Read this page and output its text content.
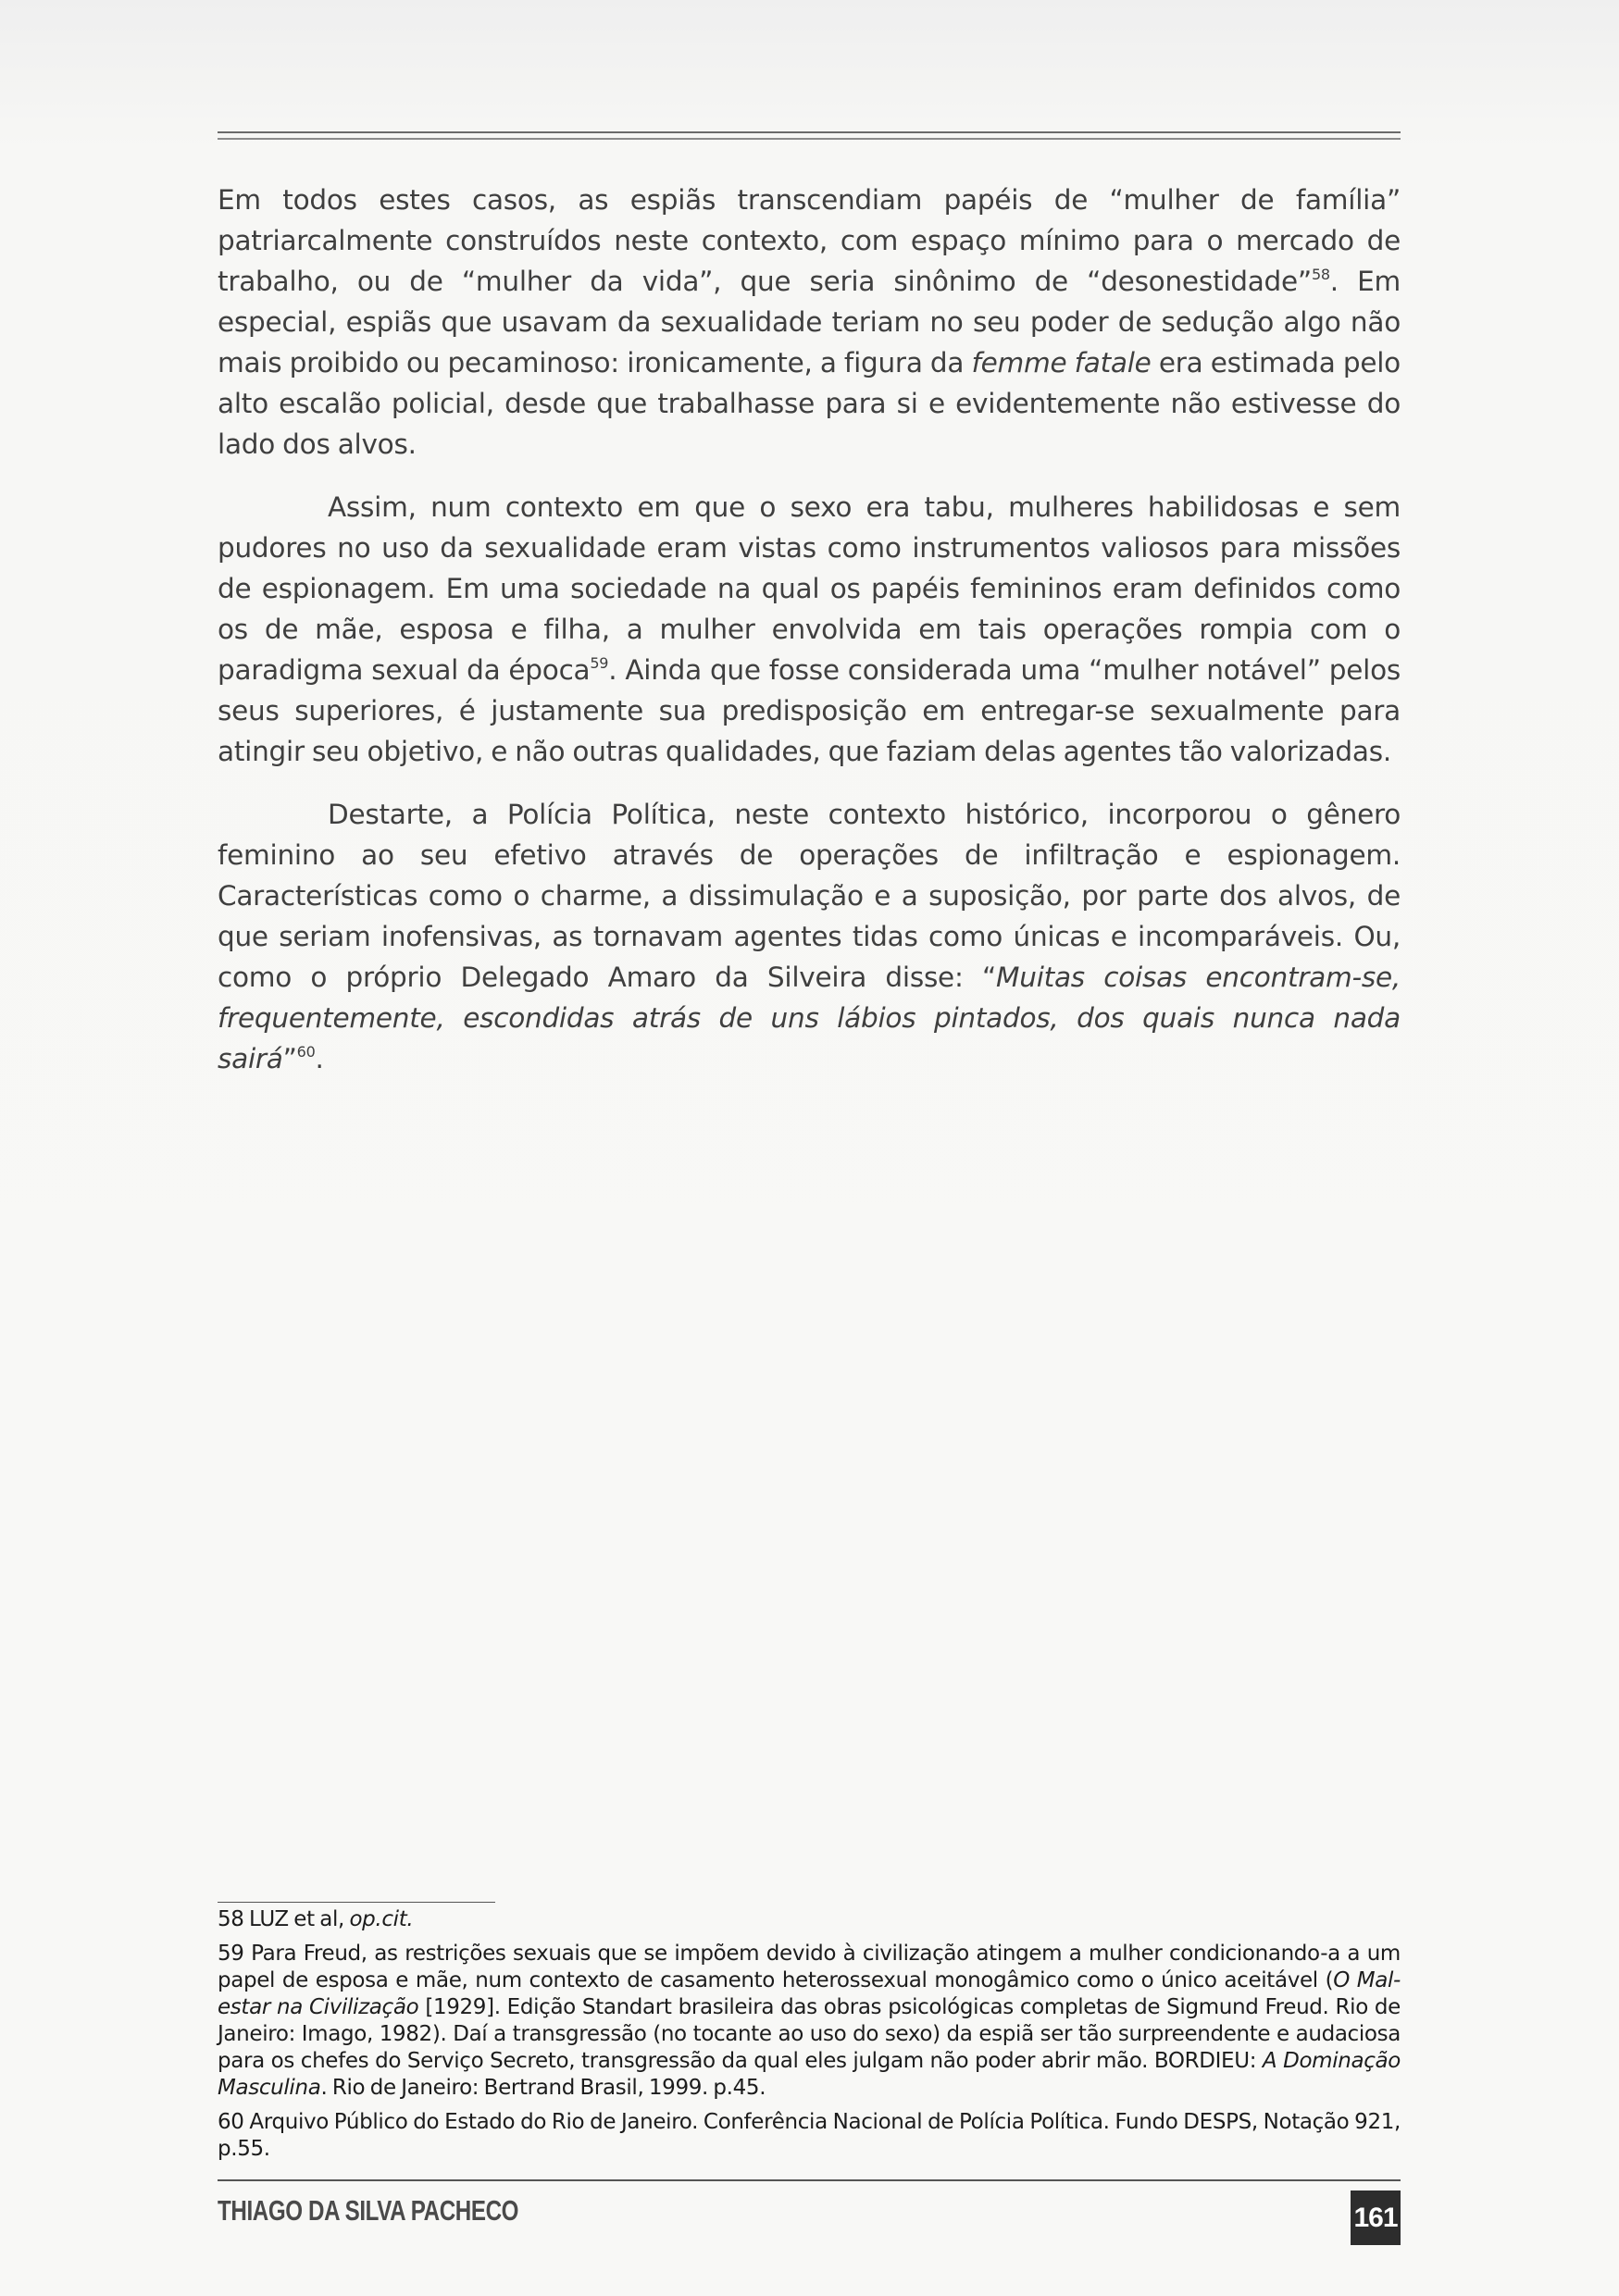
Em todos estes casos, as espiãs transcendiam papéis de “mulher de família” patriarcalmente construídos neste contexto, com espaço mínimo para o mercado de trabalho, ou de “mulher da vida”, que seria sinônimo de “desonestidade”$^{58}$. Em especial, espiãs que usavam da sexualidade teriam no seu poder de sedução algo não mais proibido ou pecaminoso: ironicamente, a figura da femme fatale era estimada pelo alto escalão policial, desde que trabalhasse para si e evidentemente não estivesse do lado dos alvos.

Assim, num contexto em que o sexo era tabu, mulheres habilidosas e sem pudores no uso da sexualidade eram vistas como instrumentos valiosos para missões de espionagem. Em uma sociedade na qual os papéis femininos eram definidos como os de mãe, esposa e filha, a mulher envolvida em tais operações rompia com o paradigma sexual da época$^{59}$. Ainda que fosse considerada uma “mulher notável” pelos seus superiores, é justamente sua predisposição em entregar-se sexualmente para atingir seu objetivo, e não outras qualidades, que faziam delas agentes tão valorizadas.

Destarte, a Polícia Política, neste contexto histórico, incorporou o gênero feminino ao seu efetivo através de operações de infiltração e espionagem. Características como o charme, a dissimulação e a suposição, por parte dos alvos, de que seriam inofensivas, as tornavam agentes tidas como únicas e incomparáveis. Ou, como o próprio Delegado Amaro da Silveira disse: “Muitas coisas encontram-se, frequentemente, escondidas atrás de uns lábios pintados, dos quais nunca nada sairá”$^{60}$.

58 LUZ et al, op.cit.

59 Para Freud, as restrições sexuais que se impõem devido à civilização atingem a mulher condicionando-a a um papel de esposa e mãe, num contexto de casamento heterossexual monogâmico como o único aceitável (O Mal-estar na Civilização [1929]. Edição Standart brasileira das obras psicológicas completas de Sigmund Freud. Rio de Janeiro: Imago, 1982). Daí a transgressão (no tocante ao uso do sexo) da espiã ser tão surpreendente e audaciosa para os chefes do Serviço Secreto, transgressão da qual eles julgam não poder abrir mão. BORDIEU: A Dominação Masculina. Rio de Janeiro: Bertrand Brasil, 1999. p.45.

60 Arquivo Público do Estado do Rio de Janeiro. Conferência Nacional de Polícia Política. Fundo DESPS, Notação 921, p.55.

THIAGO DA SILVA PACHECO	161
